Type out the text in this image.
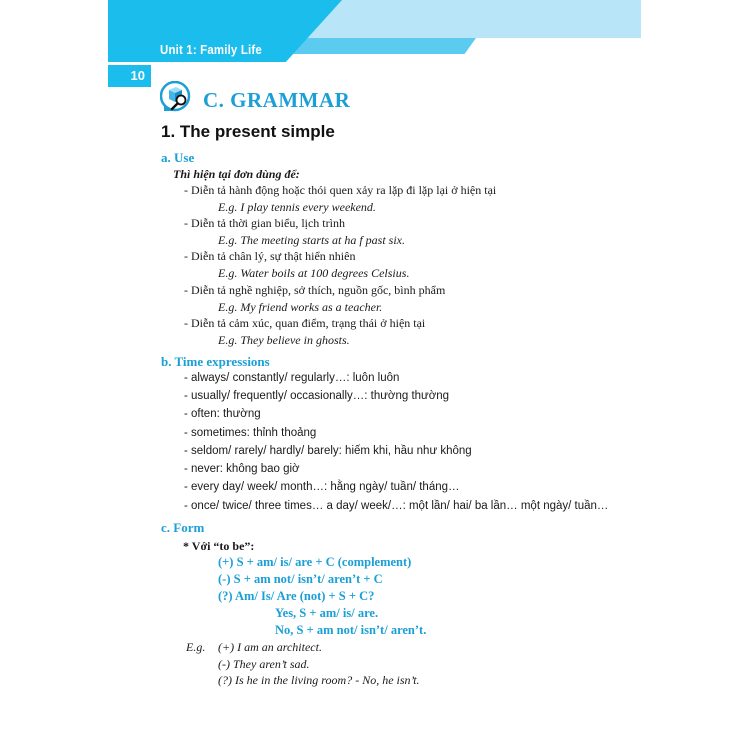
Unit 1: Family Life
10
C. GRAMMAR
1. The present simple
a. Use
Thì hiện tại đơn dùng để:
- Diễn tả hành động hoặc thói quen xảy ra lặp đi lặp lại ở hiện tại
E.g. I play tennis every weekend.
- Diễn tả thời gian biểu, lịch trình
E.g. The meeting starts at ha f past six.
- Diễn tả chân lý, sự thật hiển nhiên
E.g. Water boils at 100 degrees Celsius.
- Diễn tả nghề nghiệp, sở thích, nguồn gốc, bình phẩm
E.g. My friend works as a teacher.
- Diễn tả cảm xúc, quan điểm, trạng thái ở hiện tại
E.g. They believe in ghosts.
b. Time expressions
- always/ constantly/ regularly…: luôn luôn
- usually/ frequently/ occasionally…: thường thường
- often: thường
- sometimes: thỉnh thoảng
- seldom/ rarely/ hardly/ barely: hiếm khi, hầu như không
- never: không bao giờ
- every day/ week/ month…: hằng ngày/ tuần/ tháng…
- once/ twice/ three times… a day/ week/…: một lần/ hai/ ba lần… một ngày/ tuần…
c. Form
* Với “to be”:
(+) S + am/ is/ are + C (complement)
(-) S + am not/ isn’t/ aren’t + C
(?) Am/ Is/ Are (not) + S + C?
Yes, S + am/ is/ are.
No, S + am not/ isn’t/ aren’t.
E.g. (+) I am an architect.
(-) They aren’t sad.
(?) Is he in the living room? - No, he isn’t.
